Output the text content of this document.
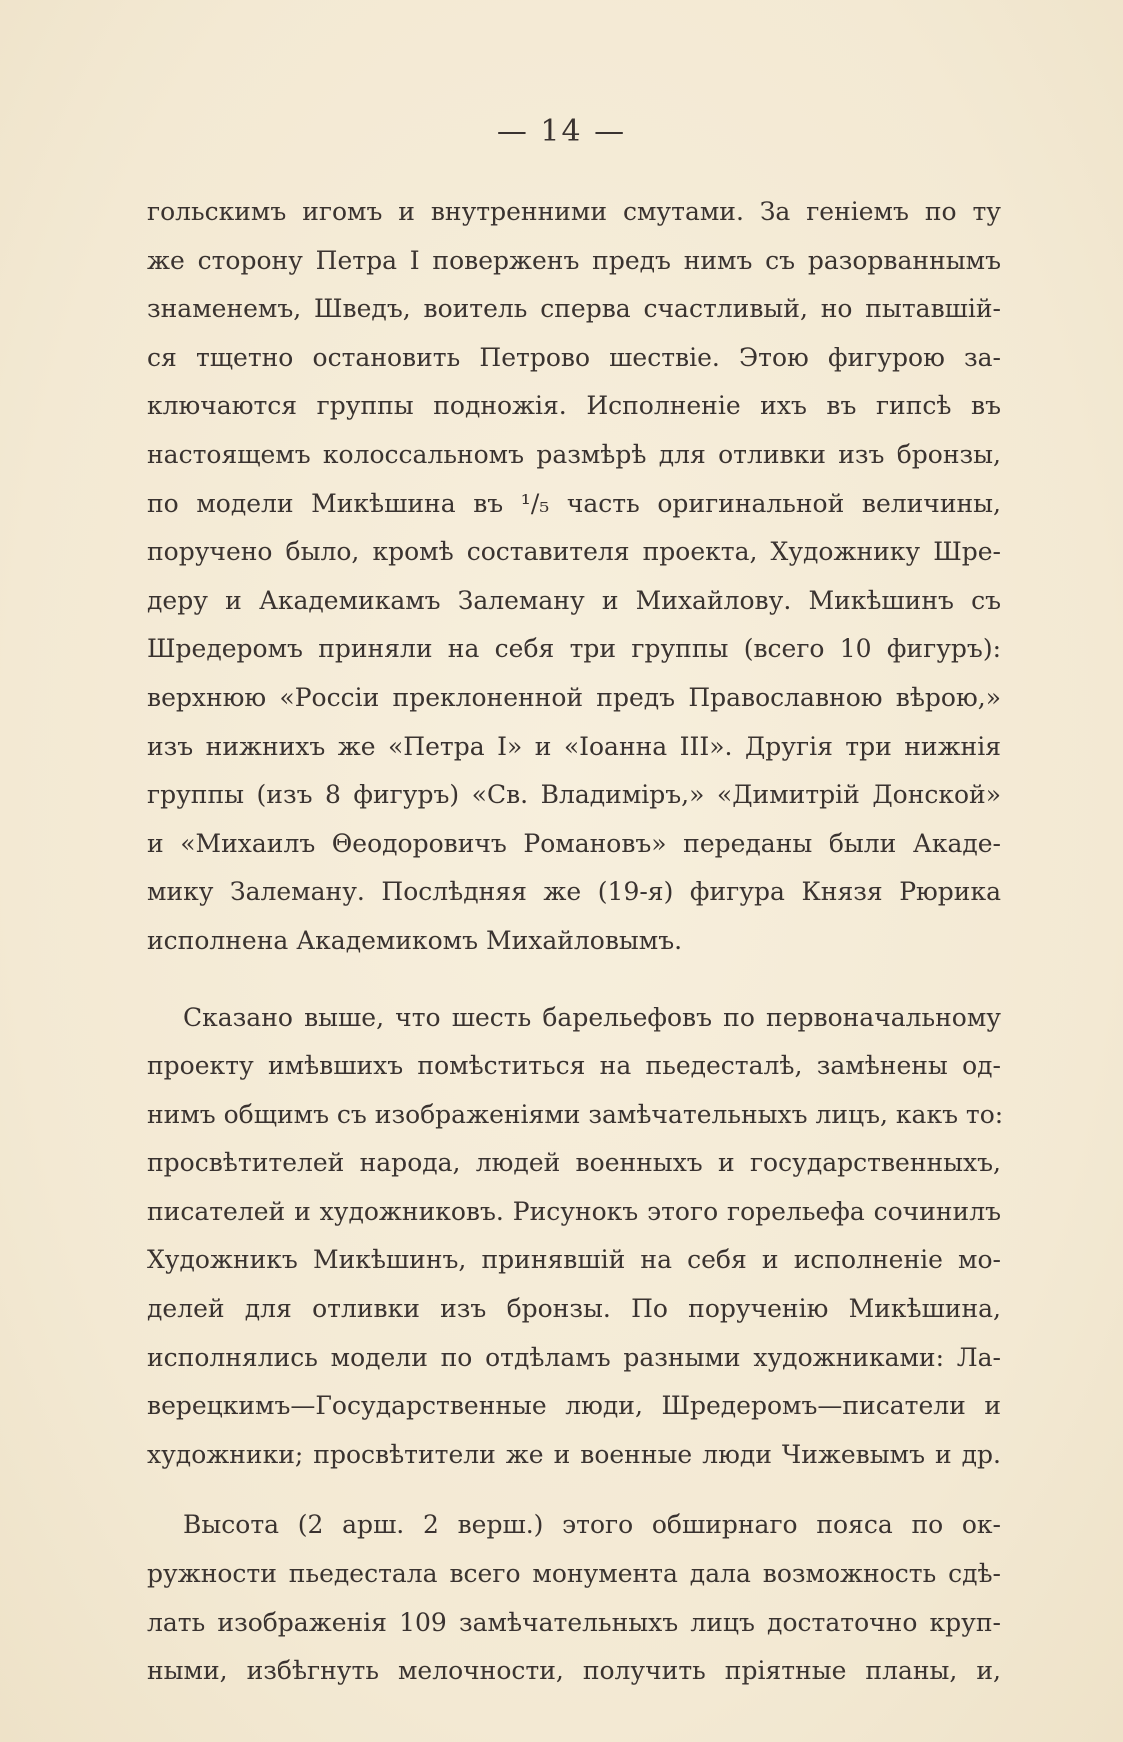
— 14 —
гольскимъ игомъ и внутренними смутами. За геніемъ по ту
же сторону Петра I поверженъ предъ нимъ съ разорваннымъ
знаменемъ, Шведъ, воитель сперва счастливый, но пытавшій-
ся тщетно остановить Петрово шествіе. Этою фигурою за-
ключаются группы подножія. Исполненіе ихъ въ гипсѣ въ
настоящемъ колоссальномъ размѣрѣ для отливки изъ бронзы,
по модели Микѣшина въ ¹/₅ часть оригинальной величины,
поручено было, кромѣ составителя проекта, Художнику Шре-
деру и Академикамъ Залеману и Михайлову. Микѣшинъ съ
Шредеромъ приняли на себя три группы (всего 10 фигуръ):
верхнюю «Россіи преклоненной предъ Православною вѣрою,»
изъ нижнихъ же «Петра I» и «Іоанна III». Другія три нижнія
группы (изъ 8 фигуръ) «Св. Владиміръ,» «Димитрій Донской»
и «Михаилъ Θеодоровичъ Романовъ» переданы были Акаде-
мику Залеману. Послѣдняя же (19-я) фигура Князя Рюрика
исполнена Академикомъ Михайловымъ.
Сказано выше, что шесть барельефовъ по первоначальному
проекту имѣвшихъ помѣститься на пьедесталѣ, замѣнены од-
нимъ общимъ съ изображеніями замѣчательныхъ лицъ, какъ то:
просвѣтителей народа, людей военныхъ и государственныхъ,
писателей и художниковъ. Рисунокъ этого горельефа сочинилъ
Художникъ Микѣшинъ, принявшій на себя и исполненіе мо-
делей для отливки изъ бронзы. По порученію Микѣшина,
исполнялись модели по отдѣламъ разными художниками: Ла-
верецкимъ—Государственные люди, Шредеромъ—писатели и
художники; просвѣтители же и военные люди Чижевымъ и др.
Высота (2 арш. 2 верш.) этого обширнаго пояса по ок-
ружности пьедестала всего монумента дала возможность сдѣ-
лать изображенія 109 замѣчательныхъ лицъ достаточно круп-
ными, избѣгнуть мелочности, получить пріятные планы, и,
